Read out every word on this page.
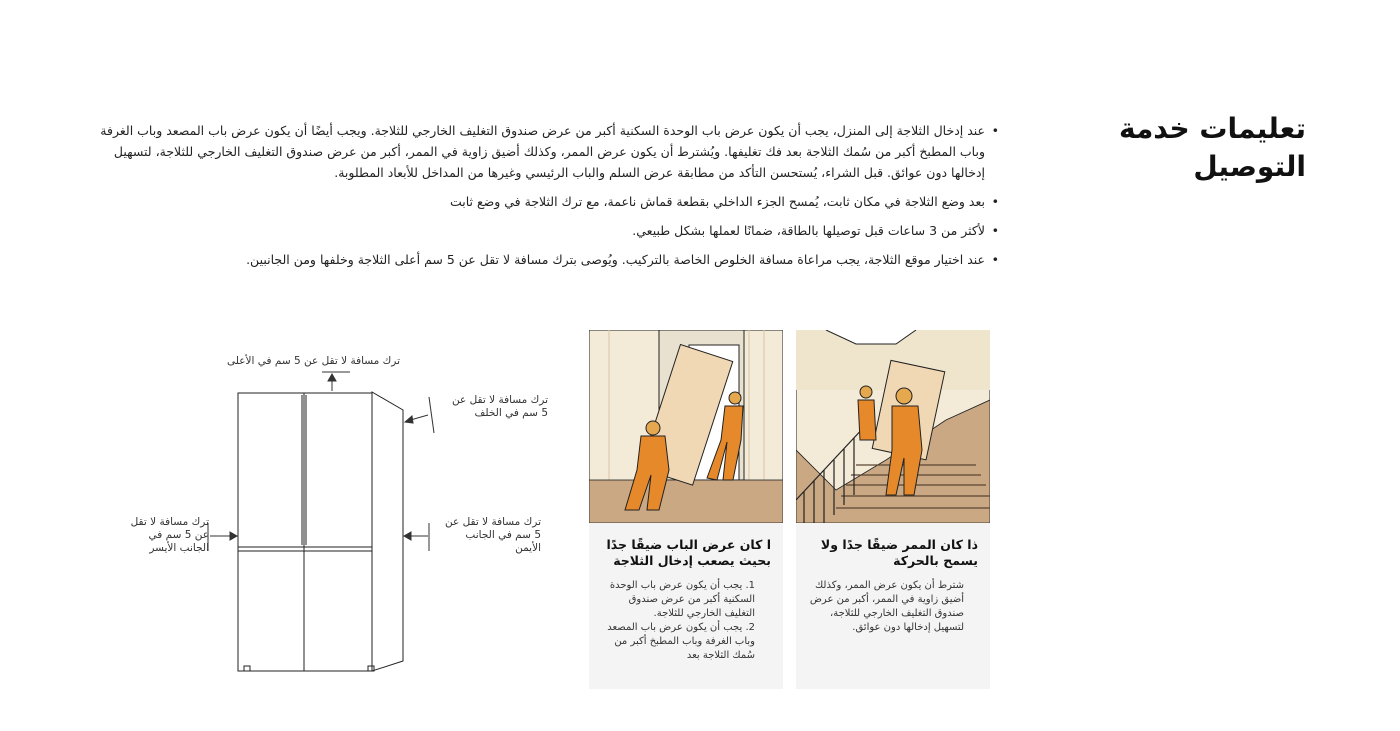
تعليمات خدمة التوصيل
• عند إدخال الثلاجة إلى المنزل، يجب أن يكون عرض باب الوحدة السكنية أكبر من عرض صندوق التغليف الخارجي للثلاجة. ويجب أيضًا أن يكون عرض باب المصعد وباب الغرفة وباب المطبخ أكبر من سُمك الثلاجة بعد فك تغليفها. ويُشترط أن يكون عرض الممر، وكذلك أضيق زاوية في الممر، أكبر من عرض صندوق التغليف الخارجي للثلاجة، لتسهيل إدخالها دون عوائق. قبل الشراء، يُستحسن التأكد من مطابقة عرض السلم والباب الرئيسي وغيرها من المداخل للأبعاد المطلوبة.
• بعد وضع الثلاجة في مكان ثابت، يُمسح الجزء الداخلي بقطعة قماش ناعمة، مع ترك الثلاجة في وضع ثابت
• لأكثر من 3 ساعات قبل توصيلها بالطاقة، ضمانًا لعملها بشكل طبيعي.
• عند اختيار موقع الثلاجة، يجب مراعاة مسافة الخلوص الخاصة بالتركيب. ويُوصى بترك مسافة لا تقل عن 5 سم أعلى الثلاجة وخلفها ومن الجانبين.
ذا كان الممر ضيقًا جدًا ولا يسمح بالحركة

شترط أن يكون عرض الممر، وكذلك أضيق زاوية في الممر، أكبر من عرض صندوق التغليف الخارجي للثلاجة، لتسهيل إدخالها دون عوائق.

ا كان عرض الباب ضيقًا جدًا بحيث يصعب إدخال الثلاجة
1. يجب أن يكون عرض باب الوحدة السكنية أكبر من عرض صندوق التغليف الخارجي للثلاجة.
2. يجب أن يكون عرض باب المصعد وباب الغرفة وباب المطبخ أكبر من سُمك الثلاجة بعد
ترك مسافة لا تقل عن 5 سم في الأعلى
ترك مسافة لا تقل عن 5 سم في الخلف
ترك مسافة لا تقل عن 5 سم في الجانب الأيسر
ترك مسافة لا تقل عن 5 سم في الجانب الأيمن
